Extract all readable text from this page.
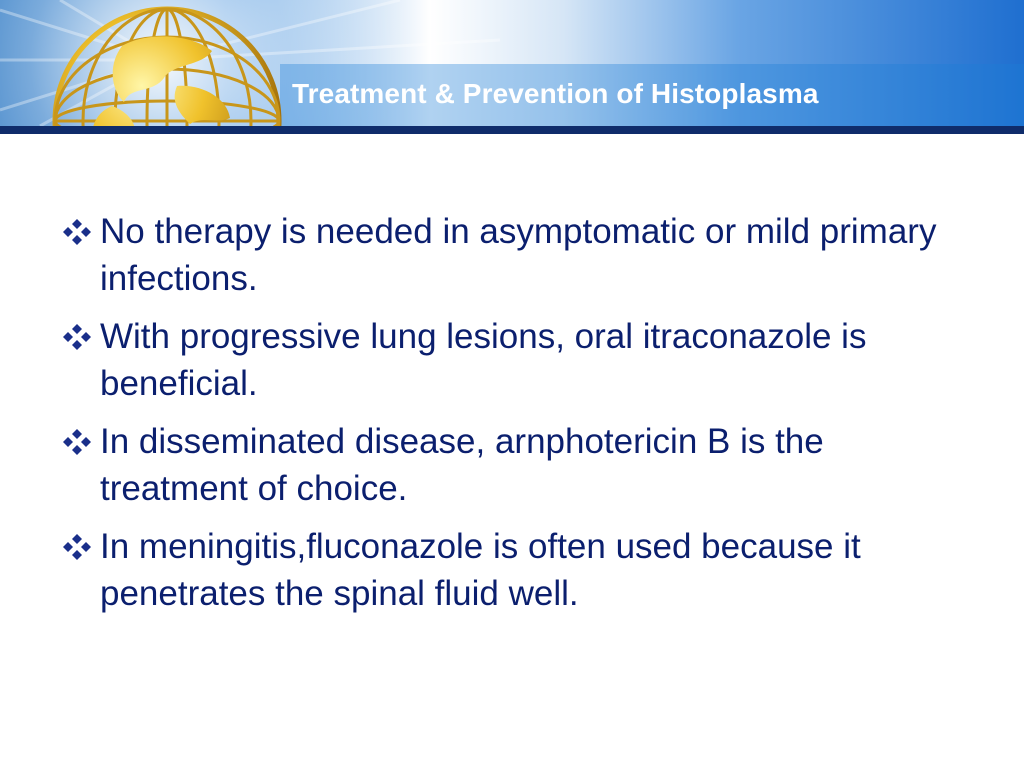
Treatment & Prevention of Histoplasma
No therapy is needed in asymptomatic or mild primary infections.
With progressive lung lesions, oral itraconazole is beneficial.
In disseminated disease, arnphotericin B is the treatment of choice.
In meningitis,fluconazole is often used because it penetrates the spinal fluid well.
